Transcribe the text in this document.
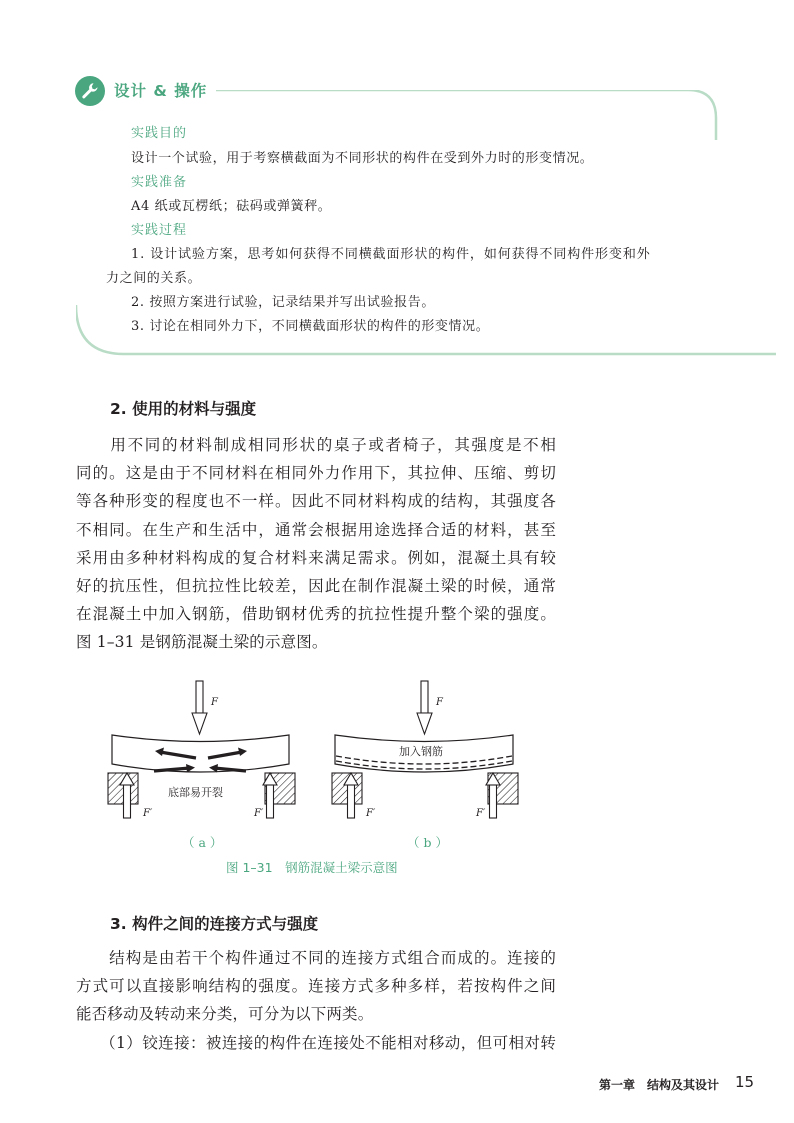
设计 & 操作
实践目的
设计一个试验，用于考察横截面为不同形状的构件在受到外力时的形变情况。
实践准备
A4 纸或瓦楞纸；砝码或弹簧秤。
实践过程
1. 设计试验方案，思考如何获得不同横截面形状的构件，如何获得不同构件形变和外
力之间的关系。
2. 按照方案进行试验，记录结果并写出试验报告。
3. 讨论在相同外力下，不同横截面形状的构件的形变情况。
2. 使用的材料与强度
　　用不同的材料制成相同形状的桌子或者椅子，其强度是不相
同的。这是由于不同材料在相同外力作用下，其拉伸、压缩、剪切
等各种形变的程度也不一样。因此不同材料构成的结构，其强度各
不相同。在生产和生活中，通常会根据用途选择合适的材料，甚至
采用由多种材料构成的复合材料来满足需求。例如，混凝土具有较
好的抗压性，但抗拉性比较差，因此在制作混凝土梁的时候，通常
在混凝土中加入钢筋，借助钢材优秀的抗拉性提升整个梁的强度。
图 1–31 是钢筋混凝土梁的示意图。
F	F
F′	F′	F′	F′
底部易开裂
加入钢筋
（ a ）	（ b ）
图 1–31　钢筋混凝土梁示意图
3. 构件之间的连接方式与强度
　　结构是由若干个构件通过不同的连接方式组合而成的。连接的
方式可以直接影响结构的强度。连接方式多种多样，若按构件之间
能否移动及转动来分类，可分为以下两类。
　　（1）铰连接：被连接的构件在连接处不能相对移动，但可相对转
第一章　结构及其设计 15
